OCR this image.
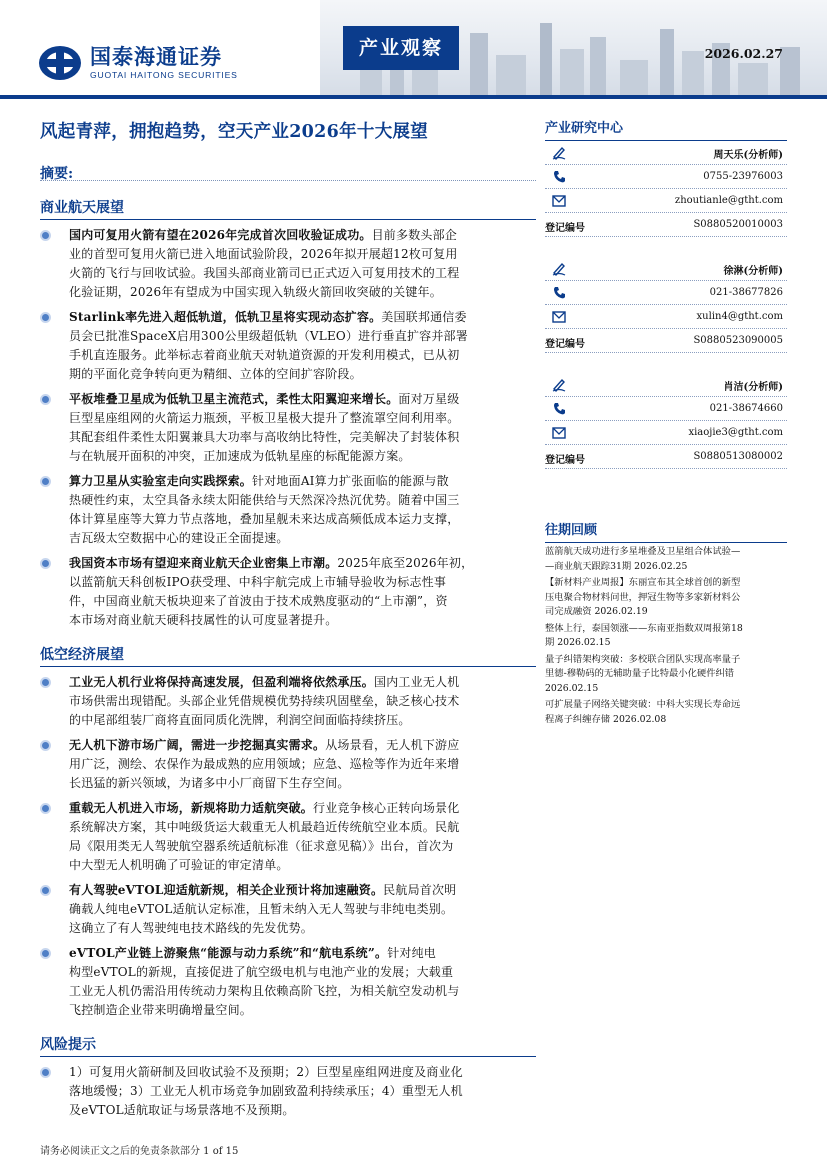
国泰海通证券
GUOTAI HAITONG SECURITIES
产业观察	2026.02.27
风起青萍，拥抱趋势，空天产业2026年十大展望
摘要:
商业航天展望
国内可复用火箭有望在2026年完成首次回收验证成功。目前多数头部企
业的首型可复用火箭已进入地面试验阶段，2026年拟开展超12枚可复用
火箭的飞行与回收试验。我国头部商业箭司已正式迈入可复用技术的工程
化验证期，2026年有望成为中国实现入轨级火箭回收突破的关键年。
Starlink率先进入超低轨道，低轨卫星将实现动态扩容。美国联邦通信委
员会已批准SpaceX启用300公里级超低轨（VLEO）进行垂直扩容并部署
手机直连服务。此举标志着商业航天对轨道资源的开发利用模式，已从初
期的平面化竞争转向更为精细、立体的空间扩容阶段。
平板堆叠卫星成为低轨卫星主流范式，柔性太阳翼迎来增长。面对万星级
巨型星座组网的火箭运力瓶颈，平板卫星极大提升了整流罩空间利用率。
其配套组件柔性太阳翼兼具大功率与高收纳比特性，完美解决了封装体积
与在轨展开面积的冲突，正加速成为低轨星座的标配能源方案。
算力卫星从实验室走向实践探索。针对地面AI算力扩张面临的能源与散
热硬性约束，太空具备永续太阳能供给与天然深冷热沉优势。随着中国三
体计算星座等大算力节点落地，叠加星舰未来达成高频低成本运力支撑，
吉瓦级太空数据中心的建设正全面提速。
我国资本市场有望迎来商业航天企业密集上市潮。2025年底至2026年初，
以蓝箭航天科创板IPO获受理、中科宇航完成上市辅导验收为标志性事
件，中国商业航天板块迎来了首波由于技术成熟度驱动的“上市潮”，资
本市场对商业航天硬科技属性的认可度显著提升。
低空经济展望
工业无人机行业将保持高速发展，但盈利端将依然承压。国内工业无人机
市场供需出现错配。头部企业凭借规模优势持续巩固壁垒，缺乏核心技术
的中尾部组装厂商将直面同质化洗牌，利润空间面临持续挤压。
无人机下游市场广阔，需进一步挖掘真实需求。从场景看，无人机下游应
用广泛，测绘、农保作为最成熟的应用领域；应急、巡检等作为近年来增
长迅猛的新兴领域，为诸多中小厂商留下生存空间。
重载无人机进入市场，新规将助力适航突破。行业竞争核心正转向场景化
系统解决方案，其中吨级货运大载重无人机最趋近传统航空业本质。民航
局《限用类无人驾驶航空器系统适航标准（征求意见稿）》出台，首次为
中大型无人机明确了可验证的审定清单。
有人驾驶eVTOL迎适航新规，相关企业预计将加速融资。民航局首次明
确载人纯电eVTOL适航认定标准，且暂未纳入无人驾驶与非纯电类别。
这确立了有人驾驶纯电技术路线的先发优势。
eVTOL产业链上游聚焦“能源与动力系统”和“航电系统”。针对纯电
构型eVTOL的新规，直接促进了航空级电机与电池产业的发展；大载重
工业无人机仍需沿用传统动力架构且依赖高阶飞控，为相关航空发动机与
飞控制造企业带来明确增量空间。
风险提示
1）可复用火箭研制及回收试验不及预期；2）巨型星座组网进度及商业化
落地缓慢；3）工业无人机市场竞争加剧致盈利持续承压；4）重型无人机
及eVTOL适航取证与场景落地不及预期。
产业研究中心
周天乐(分析师)
0755-23976003
zhoutianle@gtht.com
登记编号	S0880520010003
徐淋(分析师)
021-38677826
xulin4@gtht.com
登记编号	S0880523090005
肖洁(分析师)
021-38674660
xiaojie3@gtht.com
登记编号	S0880513080002
往期回顾
蓝箭航天成功进行多星堆叠及卫星组合体试验—
—商业航天跟踪31期 2026.02.25
【新材料产业周报】东丽宣布其全球首创的新型
压电聚合物材料问世，押冠生物等多家新材料公
司完成融资 2026.02.19
整体上行，泰国领涨——东南亚指数双周报第18
期 2026.02.15
量子纠错架构突破：多校联合团队实现高率量子
里德-穆勒码的无辅助量子比特最小化硬件纠错
2026.02.15
可扩展量子网络关键突破：中科大实现长寿命远
程离子纠缠存储 2026.02.08
请务必阅读正文之后的免责条款部分 1 of 15
